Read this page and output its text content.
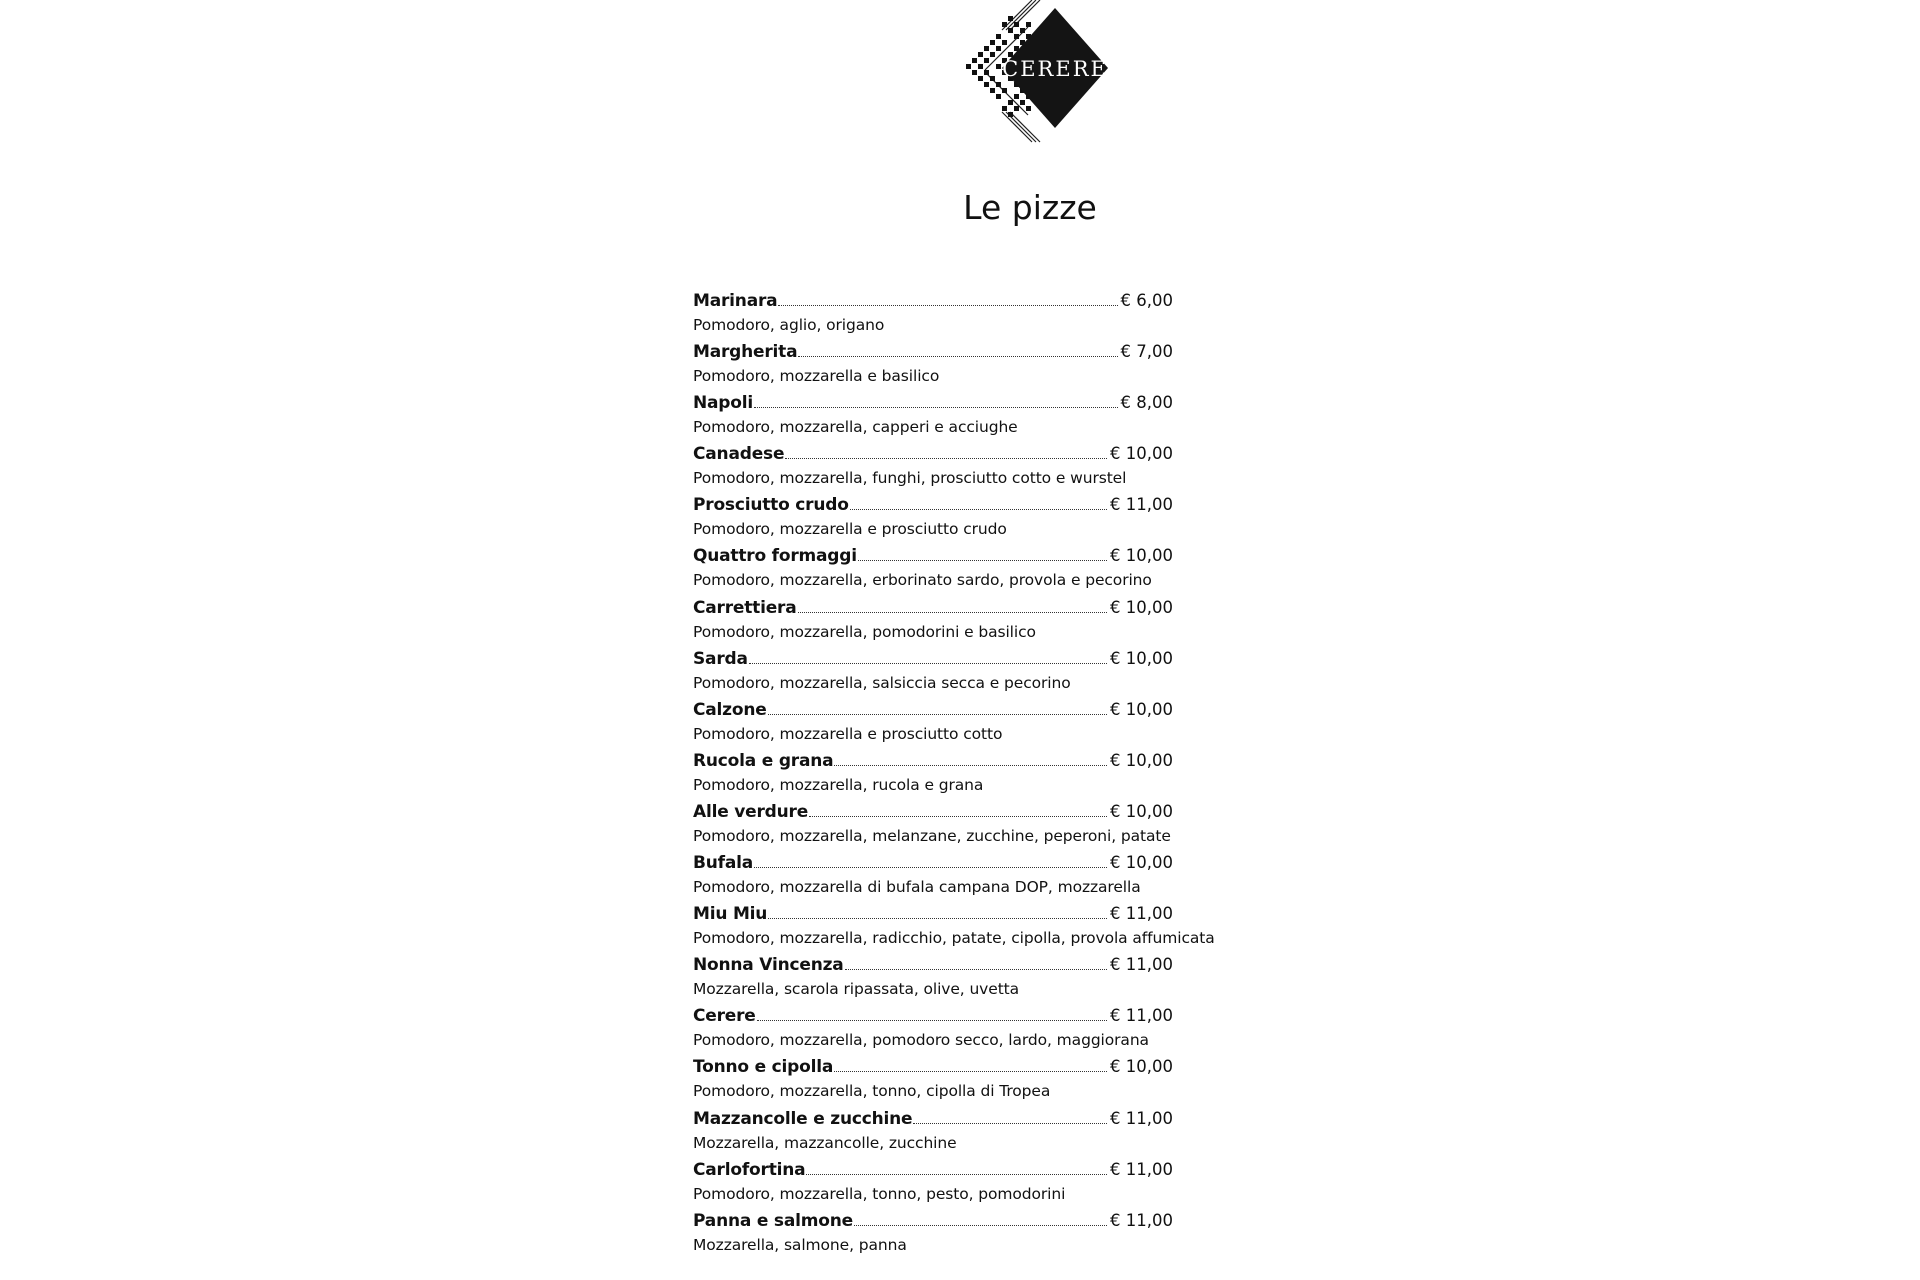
CERERE
Le pizze
Marinara	€ 6,00
Pomodoro, aglio, origano
Margherita	€ 7,00
Pomodoro, mozzarella e basilico
Napoli	€ 8,00
Pomodoro, mozzarella, capperi e acciughe
Canadese	€ 10,00
Pomodoro, mozzarella, funghi, prosciutto cotto e wurstel
Prosciutto crudo	€ 11,00
Pomodoro, mozzarella e prosciutto crudo
Quattro formaggi	€ 10,00
Pomodoro, mozzarella, erborinato sardo, provola e pecorino
Carrettiera	€ 10,00
Pomodoro, mozzarella, pomodorini e basilico
Sarda	€ 10,00
Pomodoro, mozzarella, salsiccia secca e pecorino
Calzone	€ 10,00
Pomodoro, mozzarella e prosciutto cotto
Rucola e grana	€ 10,00
Pomodoro, mozzarella, rucola e grana
Alle verdure	€ 10,00
Pomodoro, mozzarella, melanzane, zucchine, peperoni, patate
Bufala	€ 10,00
Pomodoro, mozzarella di bufala campana DOP, mozzarella
Miu Miu	€ 11,00
Pomodoro, mozzarella, radicchio, patate, cipolla, provola affumicata
Nonna Vincenza	€ 11,00
Mozzarella, scarola ripassata, olive, uvetta
Cerere	€ 11,00
Pomodoro, mozzarella, pomodoro secco, lardo, maggiorana
Tonno e cipolla	€ 10,00
Pomodoro, mozzarella, tonno, cipolla di Tropea
Mazzancolle e zucchine	€ 11,00
Mozzarella, mazzancolle, zucchine
Carlofortina	€ 11,00
Pomodoro, mozzarella, tonno, pesto, pomodorini
Panna e salmone	€ 11,00
Mozzarella, salmone, panna
